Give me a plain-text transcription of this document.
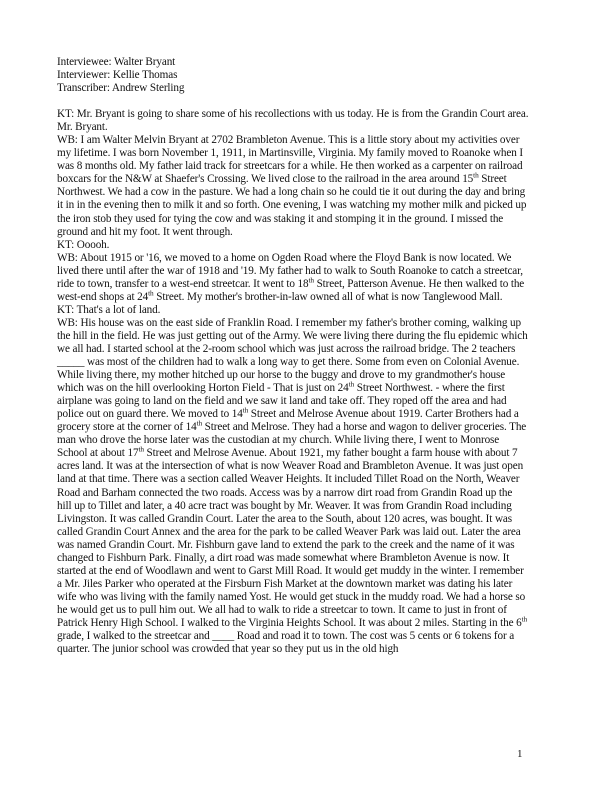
Interviewee: Walter Bryant
Interviewer: Kellie Thomas
Transcriber: Andrew Sterling

KT: Mr. Bryant is going to share some of his recollections with us today. He is from the Grandin Court area. Mr. Bryant.

WB: I am Walter Melvin Bryant at 2702 Brambleton Avenue. This is a little story about my activities over my lifetime. I was born November 1, 1911, in Martinsville, Virginia. My family moved to Roanoke when I was 8 months old. My father laid track for streetcars for a while. He then worked as a carpenter on railroad boxcars for the N&W at Shaefer's Crossing. We lived close to the railroad in the area around 15th Street Northwest. We had a cow in the pasture. We had a long chain so he could tie it out during the day and bring it in in the evening then to milk it and so forth. One evening, I was watching my mother milk and picked up the iron stob they used for tying the cow and was staking it and stomping it in the ground. I missed the ground and hit my foot. It went through.

KT: Ooooh.

WB: About 1915 or '16, we moved to a home on Ogden Road where the Floyd Bank is now located. We lived there until after the war of 1918 and '19. My father had to walk to South Roanoke to catch a streetcar, ride to town, transfer to a west-end streetcar. It went to 18th Street, Patterson Avenue. He then walked to the west-end shops at 24th Street. My mother's brother-in-law owned all of what is now Tanglewood Mall.

KT: That's a lot of land.

WB: His house was on the east side of Franklin Road. I remember my father's brother coming, walking up the hill in the field. He was just getting out of the Army. We were living there during the flu epidemic which we all had. I started school at the 2-room school which was just across the railroad bridge. The 2 teachers _____ was most of the children had to walk a long way to get there. Some from even on Colonial Avenue. While living there, my mother hitched up our horse to the buggy and drove to my grandmother's house which was on the hill overlooking Horton Field - That is just on 24th Street Northwest. - where the first airplane was going to land on the field and we saw it land and take off. They roped off the area and had police out on guard there. We moved to 14th Street and Melrose Avenue about 1919. Carter Brothers had a grocery store at the corner of 14th Street and Melrose. They had a horse and wagon to deliver groceries. The man who drove the horse later was the custodian at my church. While living there, I went to Monrose School at about 17th Street and Melrose Avenue. About 1921, my father bought a farm house with about 7 acres land. It was at the intersection of what is now Weaver Road and Brambleton Avenue. It was just open land at that time. There was a section called Weaver Heights. It included Tillet Road on the North, Weaver Road and Barham connected the two roads. Access was by a narrow dirt road from Grandin Road up the hill up to Tillet and later, a 40 acre tract was bought by Mr. Weaver. It was from Grandin Road including Livingston. It was called Grandin Court. Later the area to the South, about 120 acres, was bought. It was called Grandin Court Annex and the area for the park to be called Weaver Park was laid out. Later the area was named Grandin Court. Mr. Fishburn gave land to extend the park to the creek and the name of it was changed to Fishburn Park. Finally, a dirt road was made somewhat where Brambleton Avenue is now. It started at the end of Woodlawn and went to Garst Mill Road. It would get muddy in the winter. I remember a Mr. Jiles Parker who operated at the Firsburn Fish Market at the downtown market was dating his later wife who was living with the family named Yost. He would get stuck in the muddy road. We had a horse so he would get us to pull him out. We all had to walk to ride a streetcar to town. It came to just in front of Patrick Henry High School. I walked to the Virginia Heights School. It was about 2 miles. Starting in the 6th grade, I walked to the streetcar and ____ Road and road it to town. The cost was 5 cents or 6 tokens for a quarter. The junior school was crowded that year so they put us in the old high

1
